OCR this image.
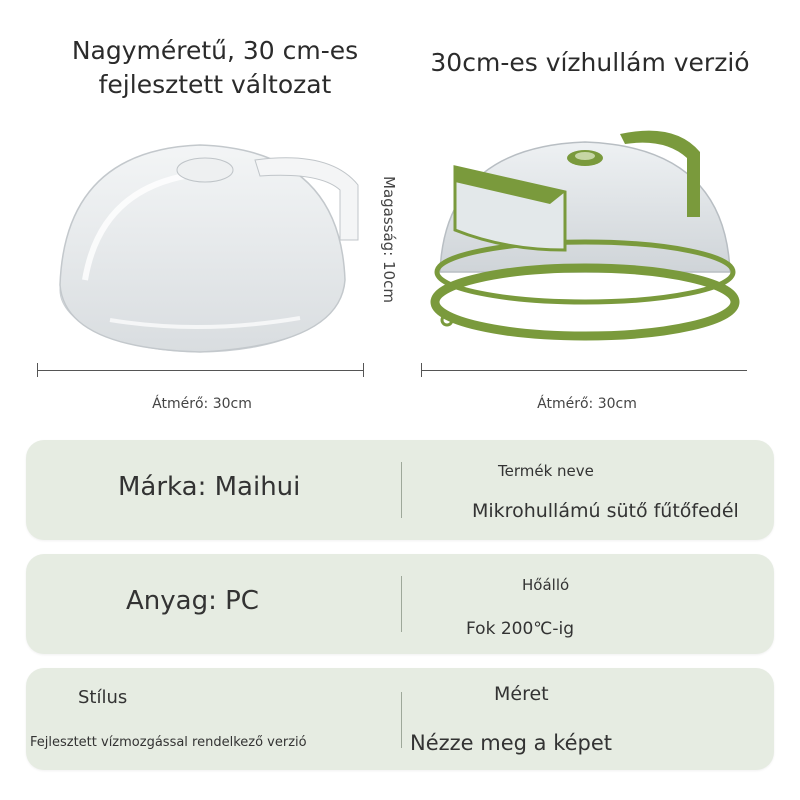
Nagyméretű, 30 cm-es
fejlesztett változat
30cm-es vízhullám verzió
Magasság: 10cm
Átmérő: 30cm	Átmérő: 30cm
Márka: Maihui
Termék neve
Mikrohullámú sütő fűtőfedél
Anyag: PC
Hőálló
Fok 200℃-ig
Stílus
Fejlesztett vízmozgással rendelkező verzió
Méret
Nézze meg a képet
